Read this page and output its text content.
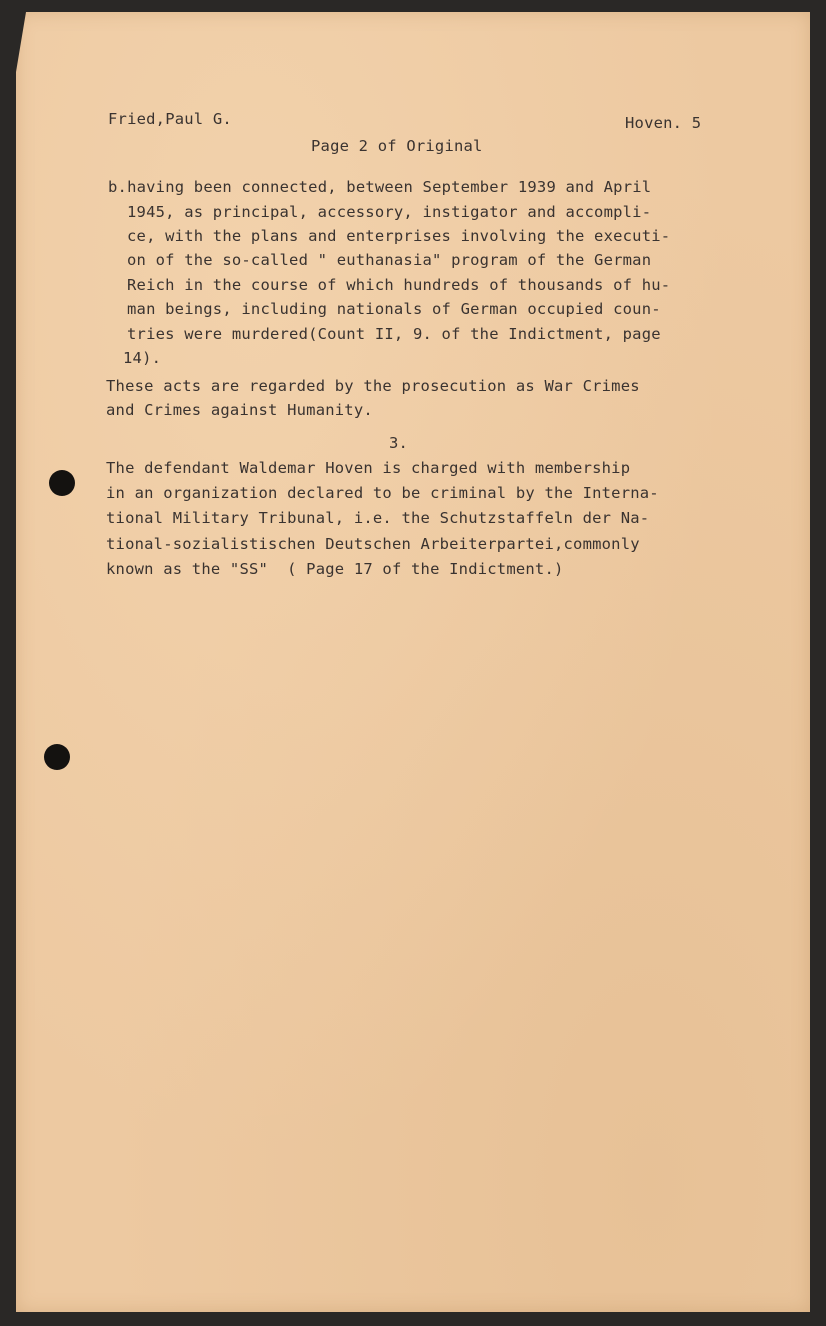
Fried,Paul G.	Hoven. 5

Page 2 of Original

b.having been connected, between September 1939 and April

1945, as principal, accessory, instigator and accompli-

ce, with the plans and enterprises involving the executi-

on of the so-called " euthanasia" program of the German

Reich in the course of which hundreds of thousands of hu-

man beings, including nationals of German occupied coun-

tries were murdered(Count II, 9. of the Indictment, page

14).

These acts are regarded by the prosecution as War Crimes

and Crimes against Humanity.

3.

The defendant Waldemar Hoven is charged with membership

in an organization declared to be criminal by the Interna-

tional Military Tribunal, i.e. the Schutzstaffeln der Na-

tional-sozialistischen Deutschen Arbeiterpartei,commonly

known as the "SS"  ( Page 17 of the Indictment.)
